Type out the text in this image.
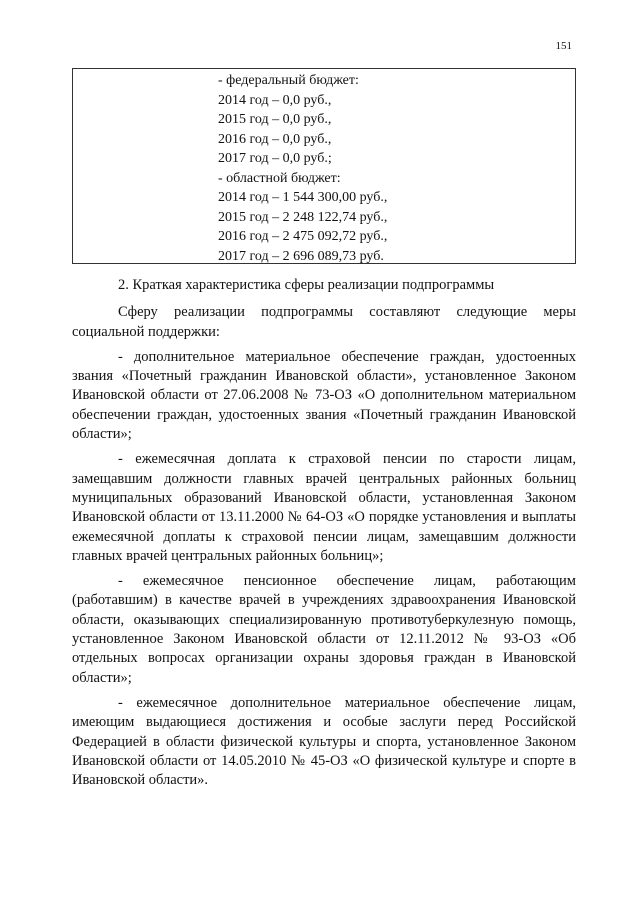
151
- федеральный бюджет:
2014 год – 0,0 руб.,
2015 год – 0,0 руб.,
2016 год – 0,0 руб.,
2017 год – 0,0 руб.;
- областной бюджет:
2014 год – 1 544 300,00 руб.,
2015 год – 2 248 122,74 руб.,
2016 год – 2 475 092,72 руб.,
2017 год – 2 696 089,73 руб.

2. Краткая характеристика сферы реализации подпрограммы

Сферу реализации подпрограммы составляют следующие меры социальной поддержки:

- дополнительное материальное обеспечение граждан, удостоенных звания «Почетный гражданин Ивановской области», установленное Законом Ивановской области от 27.06.2008 № 73-ОЗ «О дополнительном материальном обеспечении граждан, удостоенных звания «Почетный гражданин Ивановской области»;

- ежемесячная доплата к страховой пенсии по старости лицам, замещавшим должности главных врачей центральных районных больниц муниципальных образований Ивановской области, установленная Законом Ивановской области от 13.11.2000 № 64-ОЗ «О порядке установления и выплаты ежемесячной доплаты к страховой пенсии лицам, замещавшим должности главных врачей центральных районных больниц»;

- ежемесячное пенсионное обеспечение лицам, работающим (работавшим) в качестве врачей в учреждениях здравоохранения Ивановской области, оказывающих специализированную противотуберкулезную помощь, установленное Законом Ивановской области от 12.11.2012 № 93-ОЗ «Об отдельных вопросах организации охраны здоровья граждан в Ивановской области»;

- ежемесячное дополнительное материальное обеспечение лицам, имеющим выдающиеся достижения и особые заслуги перед Российской Федерацией в области физической культуры и спорта, установленное Законом Ивановской области от 14.05.2010 № 45-ОЗ «О физической культуре и спорте в Ивановской области».
